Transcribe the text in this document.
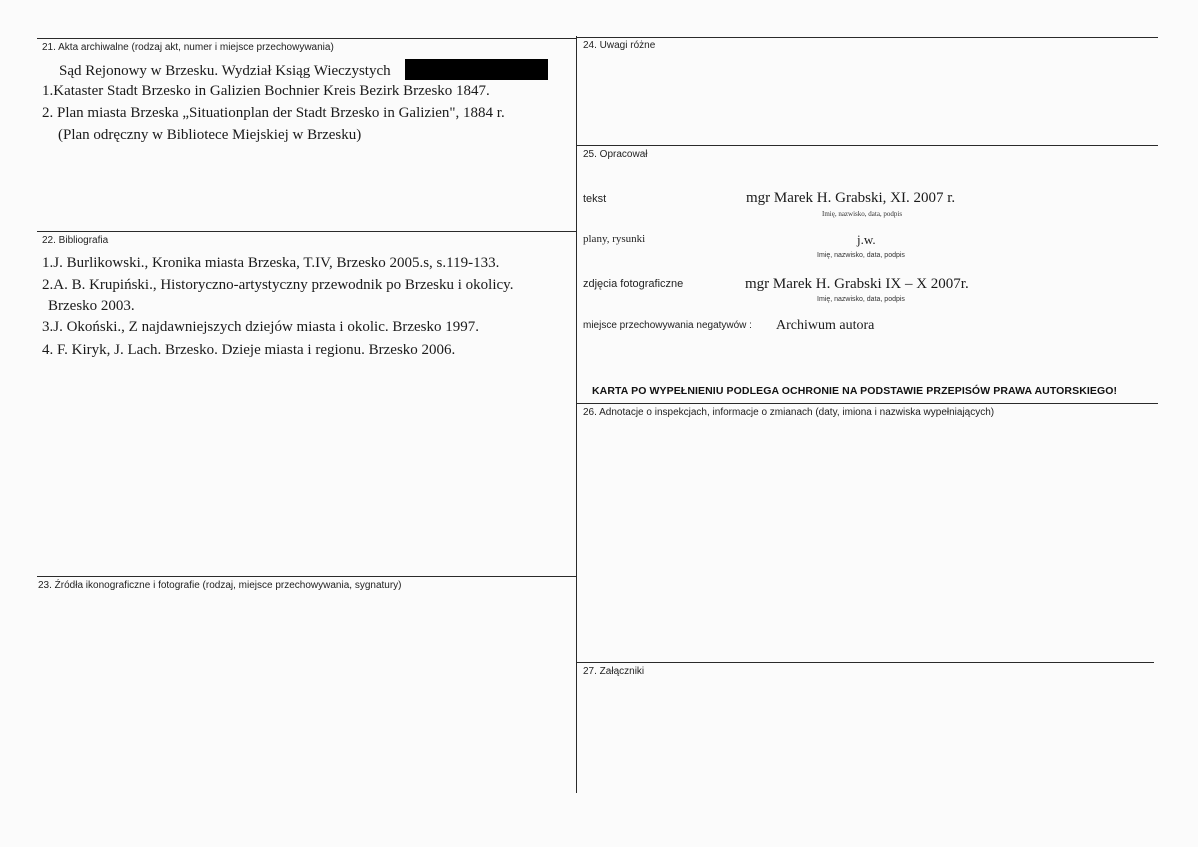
21. Akta archiwalne (rodzaj akt, numer i miejsce przechowywania)
Sąd Rejonowy w Brzesku. Wydział Ksiąg Wieczystych
1.Kataster Stadt Brzesko in Galizien Bochnier Kreis Bezirk Brzesko 1847.
2. Plan miasta Brzeska „Situationplan der Stadt Brzesko in Galizien", 1884 r.
(Plan odręczny w Bibliotece Miejskiej w Brzesku)
22. Bibliografia
1.J. Burlikowski., Kronika miasta Brzeska, T.IV, Brzesko 2005.s, s.119-133.
2.A. B. Krupiński., Historyczno-artystyczny przewodnik po Brzesku i okolicy.
Brzesko 2003.
3.J. Okoński., Z najdawniejszych dziejów miasta i okolic. Brzesko 1997.
4. F. Kiryk, J. Lach. Brzesko. Dzieje miasta i regionu. Brzesko 2006.
23. Źródła ikonograficzne i fotografie (rodzaj, miejsce przechowywania, sygnatury)
24. Uwagi różne
25. Opracował
tekst	mgr Marek H. Grabski, XI. 2007 r.
Imię, nazwisko, data, podpis
plany, rysunki	j.w.
Imię, nazwisko, data, podpis
zdjęcia fotograficzne	mgr Marek H. Grabski IX – X 2007r.
Imię, nazwisko, data, podpis
miejsce przechowywania negatywów : Archiwum autora
KARTA PO WYPEŁNIENIU PODLEGA OCHRONIE NA PODSTAWIE PRZEPISÓW PRAWA AUTORSKIEGO!
26. Adnotacje o inspekcjach, informacje o zmianach (daty, imiona i nazwiska wypełniających)
27. Załączniki
